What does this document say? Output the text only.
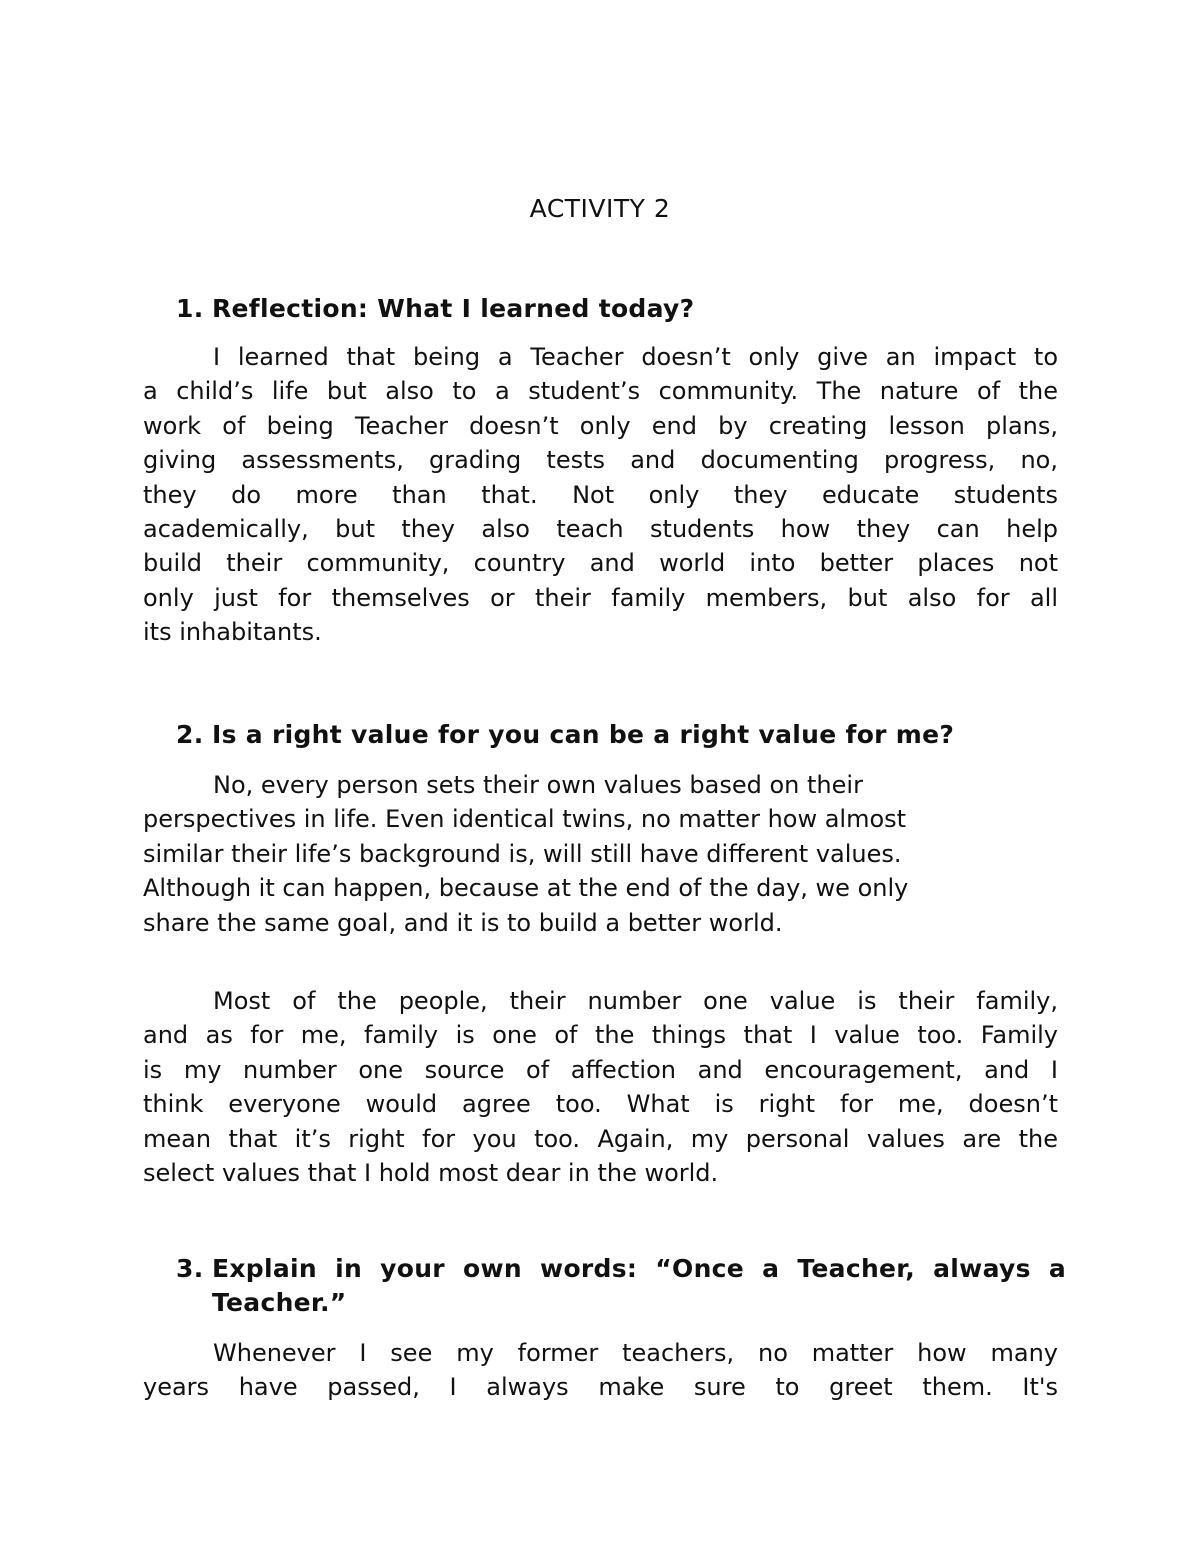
ACTIVITY 2
1. Reflection: What I learned today?
I learned that being a Teacher doesn’t only give an impact to
a child’s life but also to a student’s community. The nature of the
work of being Teacher doesn’t only end by creating lesson plans,
giving assessments, grading tests and documenting progress, no,
they do more than that. Not only they educate students
academically, but they also teach students how they can help
build their community, country and world into better places not
only just for themselves or their family members, but also for all
its inhabitants.
2. Is a right value for you can be a right value for me?
No, every person sets their own values based on their
perspectives in life. Even identical twins, no matter how almost
similar their life’s background is, will still have different values.
Although it can happen, because at the end of the day, we only
share the same goal, and it is to build a better world.
Most of the people, their number one value is their family,
and as for me, family is one of the things that I value too. Family
is my number one source of affection and encouragement, and I
think everyone would agree too. What is right for me, doesn’t
mean that it’s right for you too. Again, my personal values are the
select values that I hold most dear in the world.
3. Explain in your own words: “Once a Teacher, always a
Teacher.”
Whenever I see my former teachers, no matter how many
years have passed, I always make sure to greet them. It's
